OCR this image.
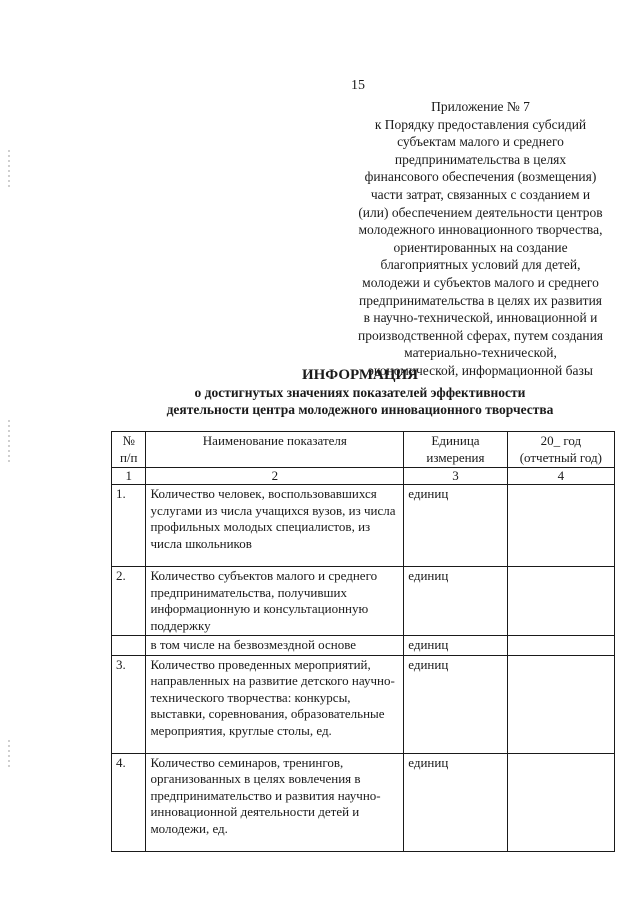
15
Приложение № 7
к Порядку предоставления субсидий
субъектам малого и среднего
предпринимательства в целях
финансового обеспечения (возмещения)
части затрат, связанных с созданием и
(или) обеспечением деятельности центров
молодежного инновационного творчества,
ориентированных на создание
благоприятных условий для детей,
молодежи и субъектов малого и среднего
предпринимательства в целях их развития
в научно-технической, инновационной и
производственной сферах, путем создания
материально-технической,
экономической, информационной базы
ИНФОРМАЦИЯ
о достигнутых значениях показателей эффективности
деятельности центра молодежного инновационного творчества
№ п/п	Наименование показателя	Единица измерения	20_ год (отчетный год)
1	2	3	4
1.	Количество человек, воспользовавшихся услугами из числа учащихся вузов, из числа профильных молодых специалистов, из числа школьников	единиц	
2.	Количество субъектов малого и среднего предпринимательства, получивших информационную и консультационную поддержку	единиц	
	в том числе на безвозмездной основе	единиц	
3.	Количество проведенных мероприятий, направленных на развитие детского научно-технического творчества: конкурсы, выставки, соревнования, образовательные мероприятия, круглые столы, ед.	единиц	
4.	Количество семинаров, тренингов, организованных в целях вовлечения в предпринимательство и развития научно-инновационной деятельности детей и молодежи, ед.	единиц	
